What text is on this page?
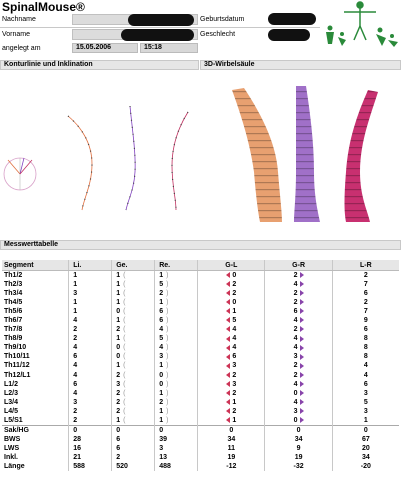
SpinalMouse®
Nachname	Geburtsdatum
Vorname	Geschlecht
angelegt am	15.05.2006	15:18
Konturlinie und Inklination	3D-Wirbelsäule
Messwerttabelle
Segment	Li.	Ge.	Re.	G-L	G-R	L-R
Th1/2	1	1 (	1 )	0	2	2
Th2/3	1	1 (	5 )	2	4	7
Th3/4	3	1 (	2 )	2	2	6
Th4/5	1	1 (	1 )	0	2	2
Th5/6	1	0 (	6 )	1	6	7
Th6/7	4	1 (	6 )	5	4	9
Th7/8	2	2 (	4 )	4	2	6
Th8/9	2	1 (	5 )	4	4	8
Th9/10	4	0 (	4 )	4	4	8
Th10/11	6	0 (	3 )	6	3	8
Th11/12	4	1 (	1 )	3	2	4
Th12/L1	4	2 (	0 )	2	2	4
L1/2	6	3 (	0 )	3	4	6
L2/3	4	2 (	1 )	2	0	3
L3/4	3	2 (	2 )	1	4	5
L4/5	2	2 (	1 )	2	3	3
L5/S1	2	1 (	1 )	1	0	1
Sak/HG	0	0	0	0	0	0
BWS	28	6	39	34	34	67
LWS	16	6	3	11	9	20
Inkl.	21	2	13	19	19	34
Länge	588	520	488	-12	-32	-20
